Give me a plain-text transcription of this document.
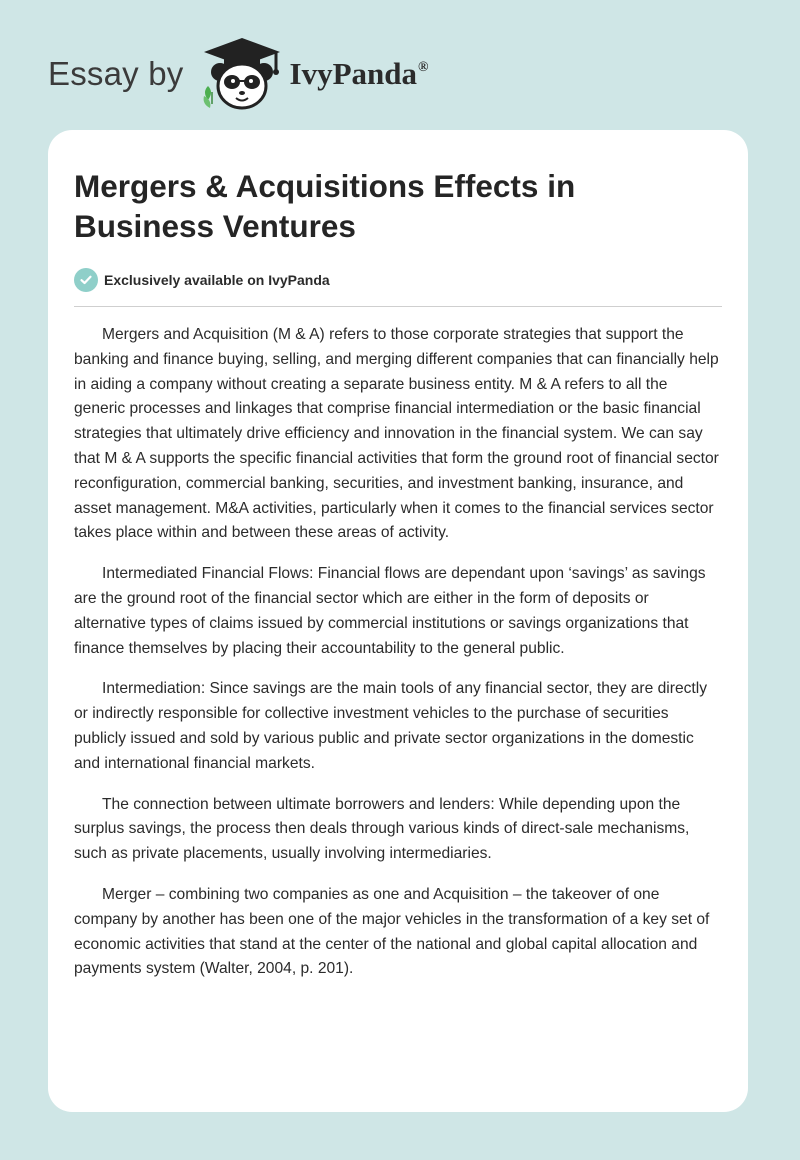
Essay by	IvyPanda®
Mergers & Acquisitions Effects in Business Ventures
Exclusively available on IvyPanda

Mergers and Acquisition (M & A) refers to those corporate strategies that support the banking and finance buying, selling, and merging different companies that can financially help in aiding a company without creating a separate business entity. M & A refers to all the generic processes and linkages that comprise financial intermediation or the basic financial strategies that ultimately drive efficiency and innovation in the financial system. We can say that M & A supports the specific financial activities that form the ground root of financial sector reconfiguration, commercial banking, securities, and investment banking, insurance, and asset management. M&A activities, particularly when it comes to the financial services sector takes place within and between these areas of activity.

Intermediated Financial Flows: Financial flows are dependant upon ‘savings’ as savings are the ground root of the financial sector which are either in the form of deposits or alternative types of claims issued by commercial institutions or savings organizations that finance themselves by placing their accountability to the general public.

Intermediation: Since savings are the main tools of any financial sector, they are directly or indirectly responsible for collective investment vehicles to the purchase of securities publicly issued and sold by various public and private sector organizations in the domestic and international financial markets.

The connection between ultimate borrowers and lenders: While depending upon the surplus savings, the process then deals through various kinds of direct-sale mechanisms, such as private placements, usually involving intermediaries.

Merger – combining two companies as one and Acquisition – the takeover of one company by another has been one of the major vehicles in the transformation of a key set of economic activities that stand at the center of the national and global capital allocation and payments system (Walter, 2004, p. 201).
